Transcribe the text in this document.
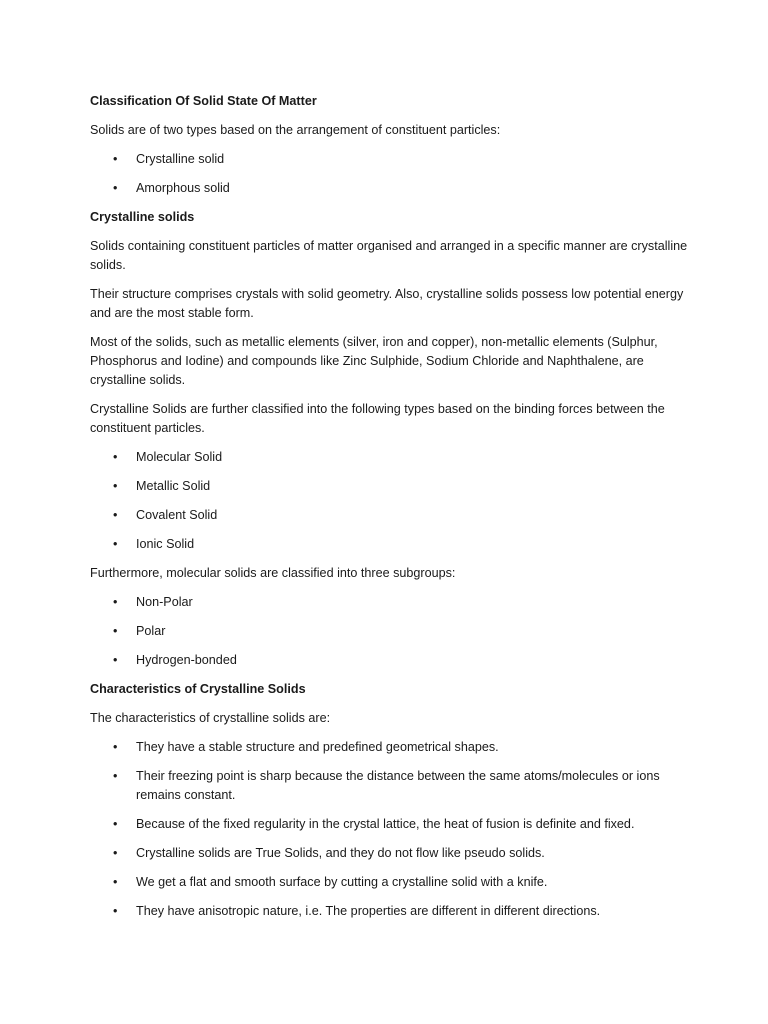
Classification Of Solid State Of Matter

Solids are of two types based on the arrangement of constituent particles:

• Crystalline solid
• Amorphous solid

Crystalline solids

Solids containing constituent particles of matter organised and arranged in a specific manner are crystalline solids.

Their structure comprises crystals with solid geometry. Also, crystalline solids possess low potential energy and are the most stable form.

Most of the solids, such as metallic elements (silver, iron and copper), non-metallic elements (Sulphur, Phosphorus and Iodine) and compounds like Zinc Sulphide, Sodium Chloride and Naphthalene, are crystalline solids.

Crystalline Solids are further classified into the following types based on the binding forces between the constituent particles.

• Molecular Solid
• Metallic Solid
• Covalent Solid
• Ionic Solid

Furthermore, molecular solids are classified into three subgroups:

• Non-Polar
• Polar
• Hydrogen-bonded

Characteristics of Crystalline Solids

The characteristics of crystalline solids are:

• They have a stable structure and predefined geometrical shapes.
• Their freezing point is sharp because the distance between the same atoms/molecules or ions remains constant.
• Because of the fixed regularity in the crystal lattice, the heat of fusion is definite and fixed.
• Crystalline solids are True Solids, and they do not flow like pseudo solids.
• We get a flat and smooth surface by cutting a crystalline solid with a knife.
• They have anisotropic nature, i.e. The properties are different in different directions.
